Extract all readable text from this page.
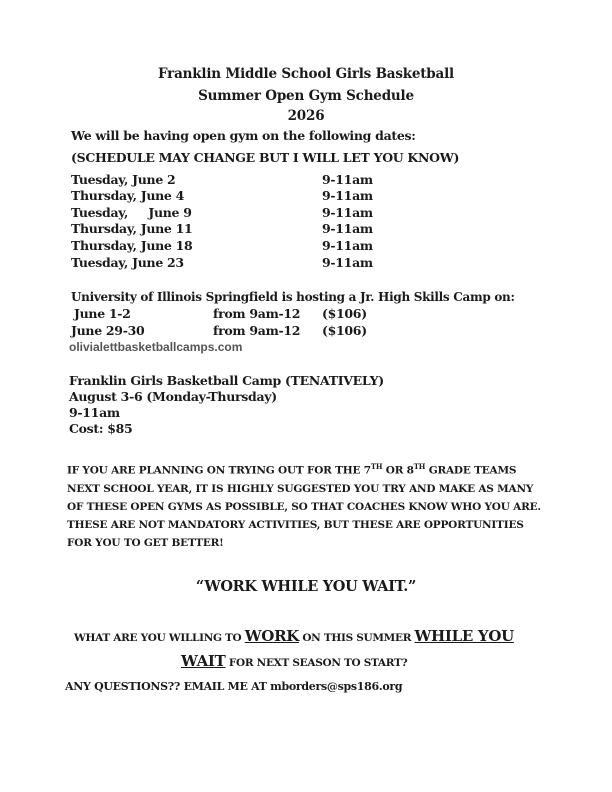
Franklin Middle School Girls Basketball
Summer Open Gym Schedule
2026
We will be having open gym on the following dates:
(SCHEDULE MAY CHANGE BUT I WILL LET YOU KNOW)
Tuesday, June 2	9-11am
Thursday, June 4	9-11am
Tuesday,     June 9	9-11am
Thursday, June 11	9-11am
Thursday, June 18	9-11am
Tuesday, June 23	9-11am
University of Illinois Springfield is hosting a Jr. High Skills Camp on:
June 1-2	from 9am-12 ($106)
June 29-30	from 9am-12 ($106)
olivialettbasketballcamps.com
Franklin Girls Basketball Camp (TENATIVELY)
August 3-6 (Monday-Thursday)
9-11am
Cost: $85
IF YOU ARE PLANNING ON TRYING OUT FOR THE 7TH OR 8TH GRADE TEAMS NEXT SCHOOL YEAR, IT IS HIGHLY SUGGESTED YOU TRY AND MAKE AS MANY OF THESE OPEN GYMS AS POSSIBLE, SO THAT COACHES KNOW WHO YOU ARE. THESE ARE NOT MANDATORY ACTIVITIES, BUT THESE ARE OPPORTUNITIES FOR YOU TO GET BETTER!
“WORK WHILE YOU WAIT.”
WHAT ARE YOU WILLING TO WORK ON THIS SUMMER WHILE YOU
WAIT FOR NEXT SEASON TO START?
ANY QUESTIONS?? EMAIL ME AT mborders@sps186.org
